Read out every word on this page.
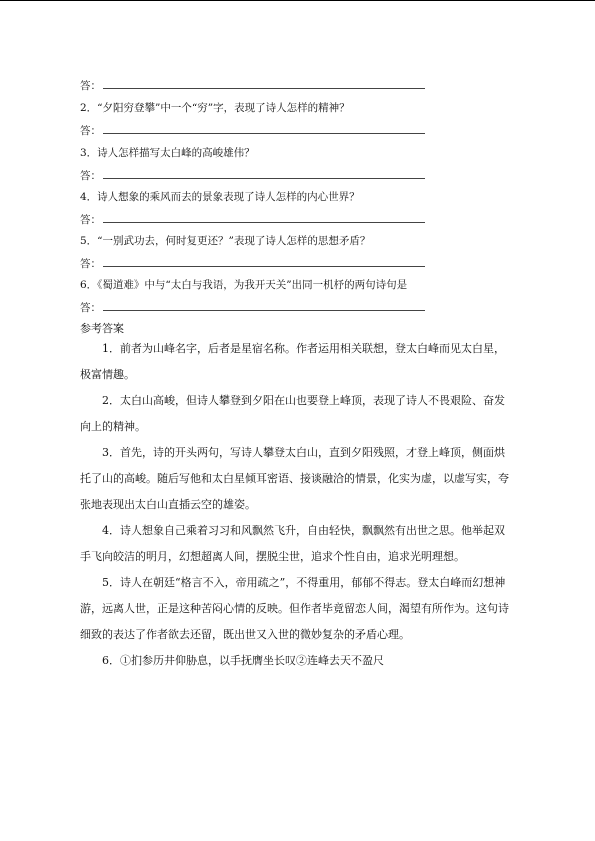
答：
2．“夕阳穷登攀”中一个“穷”字，表现了诗人怎样的精神？
答：
3．诗人怎样描写太白峰的高峻雄伟？
答：
4．诗人想象的乘风而去的景象表现了诗人怎样的内心世界？
答：
5．“一别武功去，何时复更还？”表现了诗人怎样的思想矛盾？
答：
6．《蜀道难》中与“太白与我语，为我开天关”出同一机杼的两句诗句是
答：
参考答案
1．前者为山峰名字，后者是星宿名称。作者运用相关联想，登太白峰而见太白星，极富情趣。
2．太白山高峻，但诗人攀登到夕阳在山也要登上峰顶，表现了诗人不畏艰险、奋发向上的精神。
3．首先，诗的开头两句，写诗人攀登太白山，直到夕阳残照，才登上峰顶，侧面烘托了山的高峻。随后写他和太白星倾耳密语、接谈融洽的情景，化实为虚，以虚写实，夸张地表现出太白山直插云空的雄姿。
4．诗人想象自己乘着习习和风飘然飞升，自由轻快，飘飘然有出世之思。他举起双手飞向皎洁的明月，幻想超离人间，摆脱尘世，追求个性自由，追求光明理想。
5．诗人在朝廷“格言不入，帝用疏之”，不得重用，郁郁不得志。登太白峰而幻想神游，远离人世，正是这种苦闷心情的反映。但作者毕竟留恋人间，渴望有所作为。这句诗细致的表达了作者欲去还留，既出世又入世的微妙复杂的矛盾心理。
6．①扪参历井仰胁息，以手抚膺坐长叹②连峰去天不盈尺
